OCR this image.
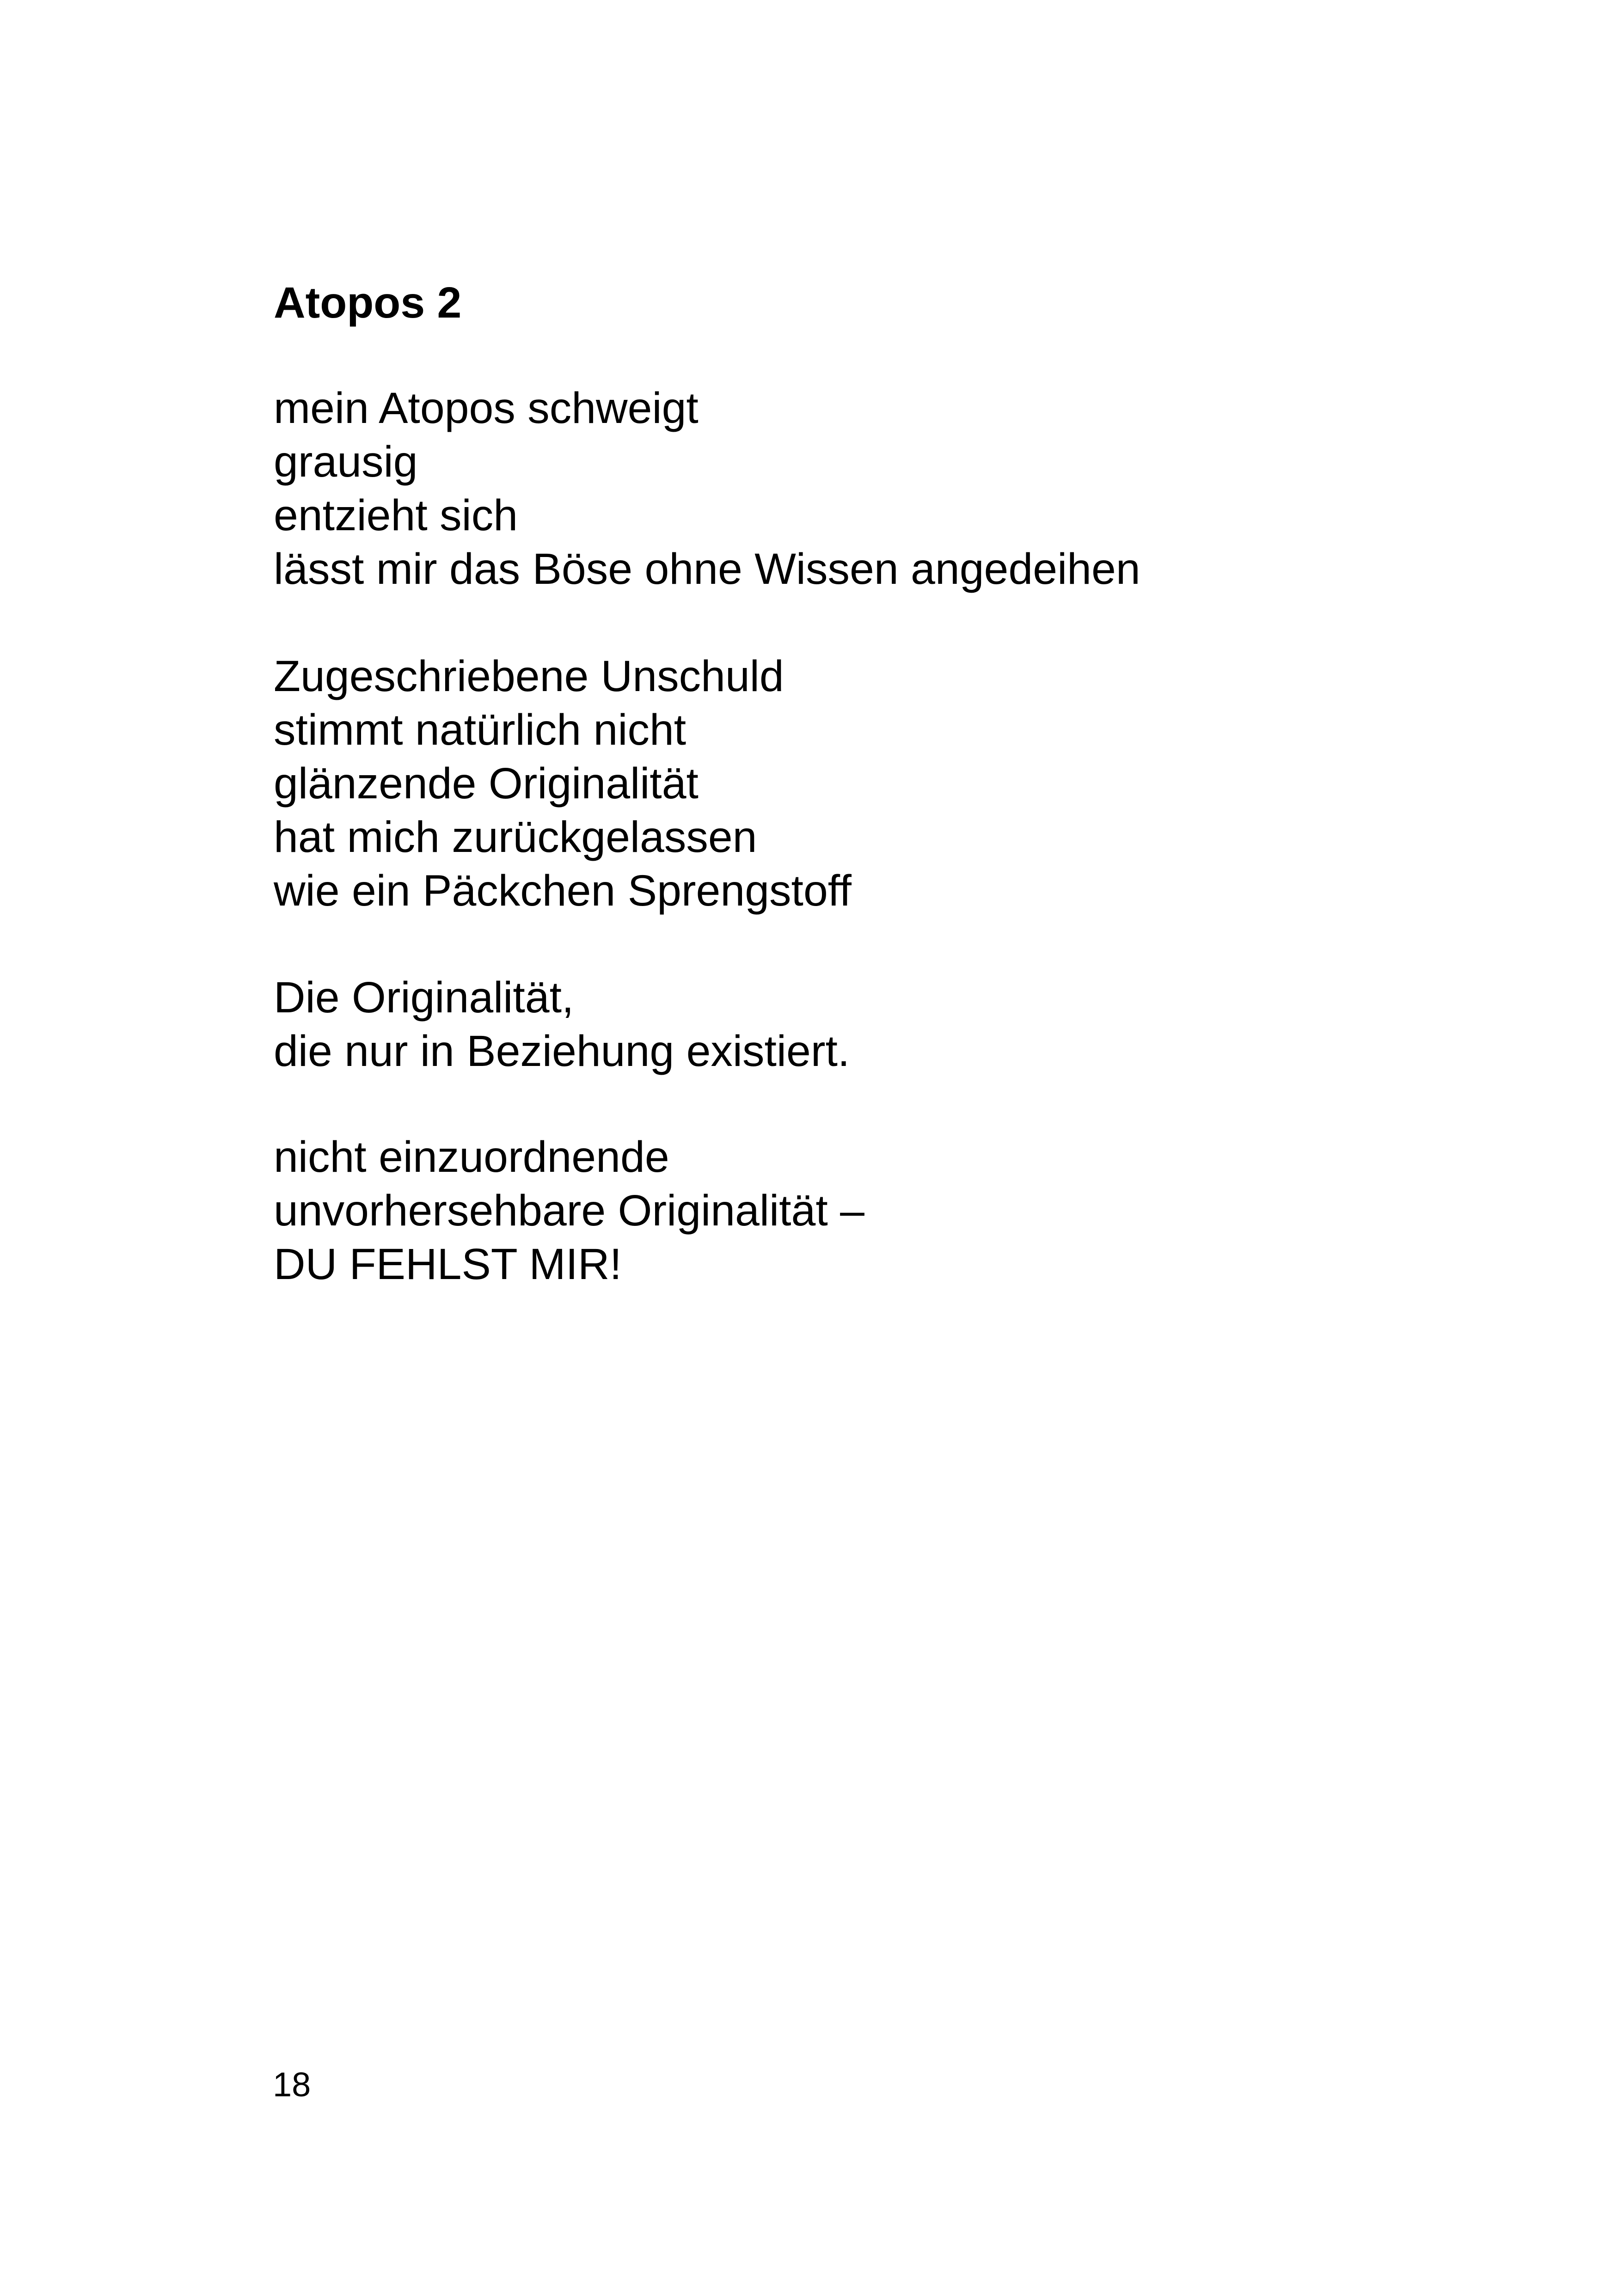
Atopos 2
mein Atopos schweigt
grausig
entzieht sich
lässt mir das Böse ohne Wissen angedeihen
Zugeschriebene Unschuld
stimmt natürlich nicht
glänzende Originalität
hat mich zurückgelassen
wie ein Päckchen Sprengstoff
Die Originalität,
die nur in Beziehung existiert.
nicht einzuordnende
unvorhersehbare Originalität –
DU FEHLST MIR!

18
